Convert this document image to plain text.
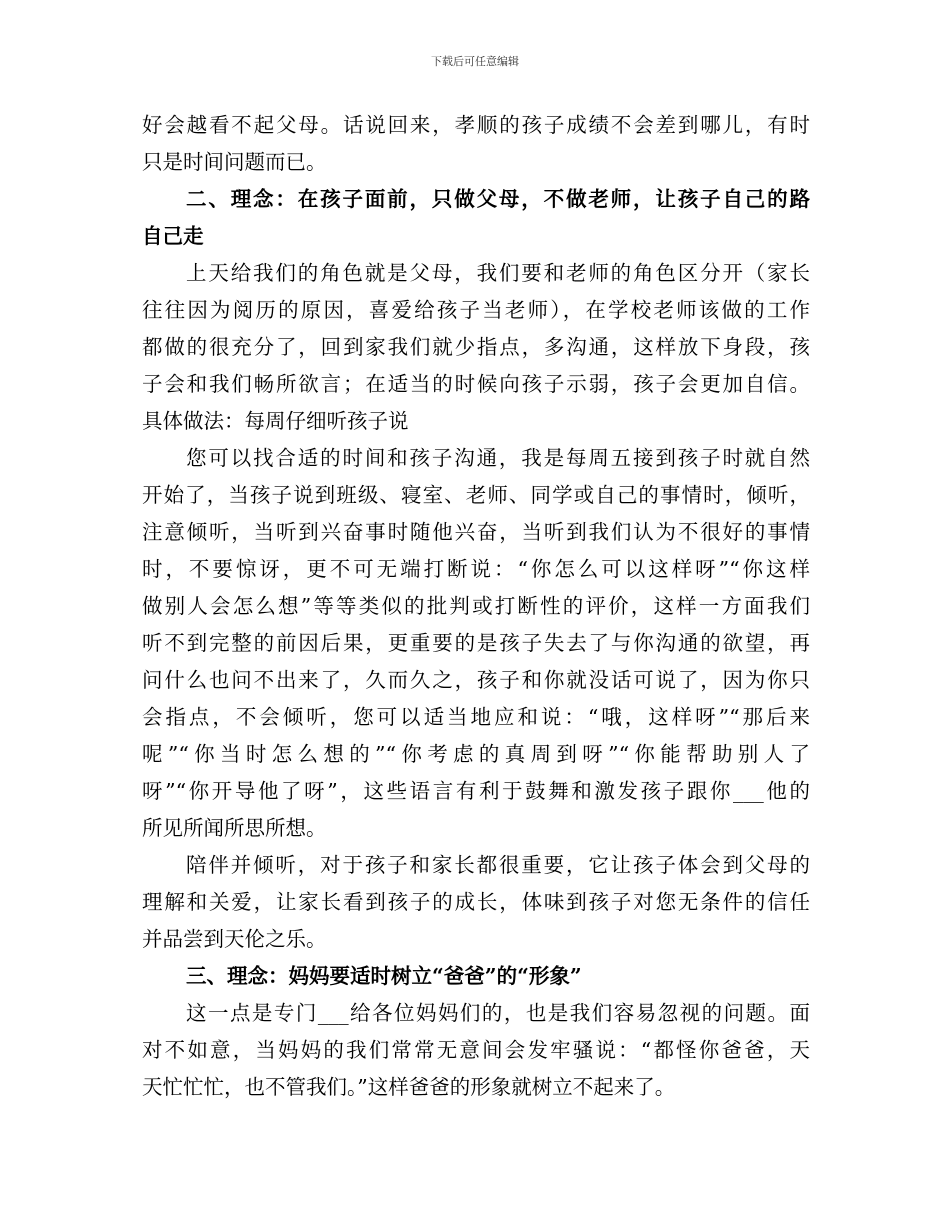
下载后可任意编辑
好会越看不起父母。话说回来，孝顺的孩子成绩不会差到哪儿，有时
只是时间问题而已。
二、理念：在孩子面前，只做父母，不做老师，让孩子自己的路
自己走
上天给我们的角色就是父母，我们要和老师的角色区分开（家长
往往因为阅历的原因，喜爱给孩子当老师），在学校老师该做的工作
都做的很充分了，回到家我们就少指点，多沟通，这样放下身段，孩
子会和我们畅所欲言；在适当的时候向孩子示弱，孩子会更加自信。
具体做法：每周仔细听孩子说
您可以找合适的时间和孩子沟通，我是每周五接到孩子时就自然
开始了，当孩子说到班级、寝室、老师、同学或自己的事情时，倾听，
注意倾听，当听到兴奋事时随他兴奋，当听到我们认为不很好的事情
时，不要惊讶，更不可无端打断说：“你怎么可以这样呀”“你这样
做别人会怎么想”等等类似的批判或打断性的评价，这样一方面我们
听不到完整的前因后果，更重要的是孩子失去了与你沟通的欲望，再
问什么也问不出来了，久而久之，孩子和你就没话可说了，因为你只
会指点，不会倾听，您可以适当地应和说：“哦，这样呀”“那后来
呢”“你当时怎么想的”“你考虑的真周到呀”“你能帮助别人了
呀”“你开导他了呀”，这些语言有利于鼓舞和激发孩子跟你___他的
所见所闻所思所想。
陪伴并倾听，对于孩子和家长都很重要，它让孩子体会到父母的
理解和关爱，让家长看到孩子的成长，体味到孩子对您无条件的信任
并品尝到天伦之乐。
三、理念：妈妈要适时树立“爸爸”的“形象”
这一点是专门___给各位妈妈们的，也是我们容易忽视的问题。面
对不如意，当妈妈的我们常常无意间会发牢骚说：“都怪你爸爸，天
天忙忙忙，也不管我们。”这样爸爸的形象就树立不起来了。
